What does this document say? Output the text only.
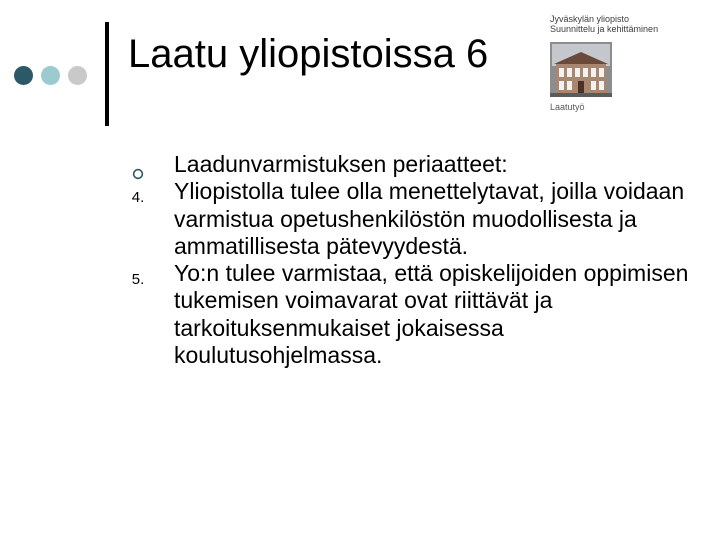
Laatu yliopistoissa 6
Jyväskylän yliopisto
Suunnittelu ja kehittäminen
Laatutyö
Laadunvarmistuksen periaatteet:
4.	Yliopistolla tulee olla menettelytavat, joilla voidaan varmistua opetushenkilöstön muodollisesta ja ammatillisesta pätevyydestä.
5.	Yo:n tulee varmistaa, että opiskelijoiden oppimisen tukemisen voimavarat ovat riittävät ja tarkoituksenmukaiset jokaisessa koulutusohjelmassa.
